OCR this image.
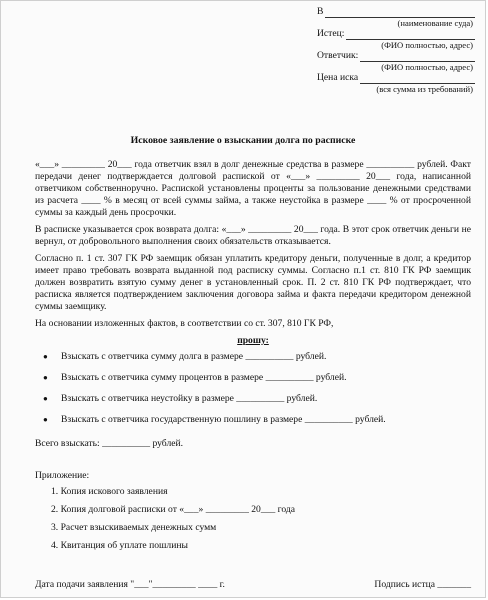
В
(наименование суда)
Истец:
(ФИО полностью, адрес)
Ответчик:
(ФИО полностью, адрес)
Цена иска
(вся сумма из требований)
Исковое заявление о взыскании долга по расписке

«___» _________ 20___ года ответчик взял в долг денежные средства в размере __________ рублей. Факт передачи денег подтверждается долговой распиской от «___» _________ 20___ года, написанной ответчиком собственноручно. Распиской установлены проценты за пользование денежными средствами из расчета ____ % в месяц от всей суммы займа, а также неустойка в размере ____ % от просроченной суммы за каждый день просрочки.

В расписке указывается срок возврата долга: «___» _________ 20___ года. В этот срок ответчик деньги не вернул, от добровольного выполнения своих обязательств отказывается.

Согласно п. 1 ст. 307 ГК РФ заемщик обязан уплатить кредитору деньги, полученные в долг, а кредитор имеет право требовать возврата выданной под расписку суммы. Согласно п.1 ст. 810 ГК РФ заемщик должен возвратить взятую сумму денег в установленный срок. П. 2 ст. 810 ГК РФ подтверждает, что расписка является подтверждением заключения договора займа и факта передачи кредитором денежной суммы заемщику.

На основании изложенных фактов, в соответствии со ст. 307, 810 ГК РФ,

прошу:
● Взыскать с ответчика сумму долга в размере __________ рублей.
● Взыскать с ответчика сумму процентов в размере __________ рублей.
● Взыскать с ответчика неустойку в размере __________ рублей.
● Взыскать с ответчика государственную пошлину в размере __________ рублей.
Всего взыскать: __________ рублей.
Приложение:
1. Копия искового заявления
2. Копия долговой расписки от «___» _________ 20___ года
3. Расчет взыскиваемых денежных сумм
4. Квитанция об уплате пошлины
Дата подачи заявления "___"_________ ____ г.	Подпись истца _______
